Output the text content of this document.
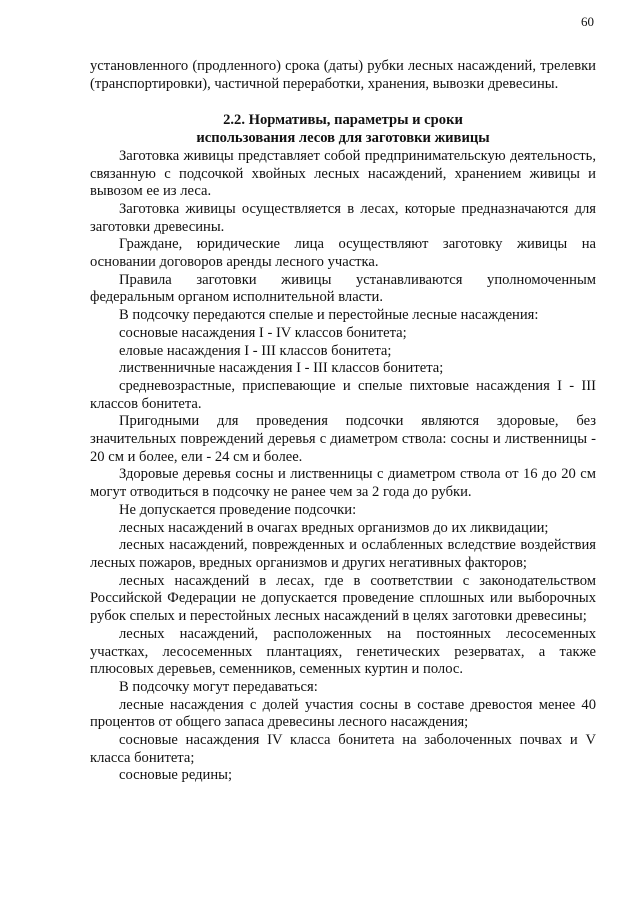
60

установленного (продленного) срока (даты) рубки лесных насаждений, трелевки (транспортировки), частичной переработки, хранения, вывозки древесины.

2.2. Нормативы, параметры и сроки
использования лесов для заготовки живицы

Заготовка живицы представляет собой предпринимательскую деятельность, связанную с подсочкой хвойных лесных насаждений, хранением живицы и вывозом ее из леса.

Заготовка живицы осуществляется в лесах, которые предназначаются для заготовки древесины.

Граждане, юридические лица осуществляют заготовку живицы на основании договоров аренды лесного участка.

Правила заготовки живицы устанавливаются уполномоченным федеральным органом исполнительной власти.

В подсочку передаются спелые и перестойные лесные насаждения:

сосновые насаждения I - IV классов бонитета;

еловые насаждения I - III классов бонитета;

лиственничные насаждения I - III классов бонитета;

средневозрастные, приспевающие и спелые пихтовые насаждения I - III классов бонитета.

Пригодными для проведения подсочки являются здоровые, без значительных повреждений деревья с диаметром ствола: сосны и лиственницы - 20 см и более, ели - 24 см и более.

Здоровые деревья сосны и лиственницы с диаметром ствола от 16 до 20 см могут отводиться в подсочку не ранее чем за 2 года до рубки.

Не допускается проведение подсочки:

лесных насаждений в очагах вредных организмов до их ликвидации;

лесных насаждений, поврежденных и ослабленных вследствие воздействия лесных пожаров, вредных организмов и других негативных факторов;

лесных насаждений в лесах, где в соответствии с законодательством Российской Федерации не допускается проведение сплошных или выборочных рубок спелых и перестойных лесных насаждений в целях заготовки древесины;

лесных насаждений, расположенных на постоянных лесосеменных участках, лесосеменных плантациях, генетических резерватах, а также плюсовых деревьев, семенников, семенных куртин и полос.

В подсочку могут передаваться:

лесные насаждения с долей участия сосны в составе древостоя менее 40 процентов от общего запаса древесины лесного насаждения;

сосновые насаждения IV класса бонитета на заболоченных почвах и V класса бонитета;

сосновые редины;
